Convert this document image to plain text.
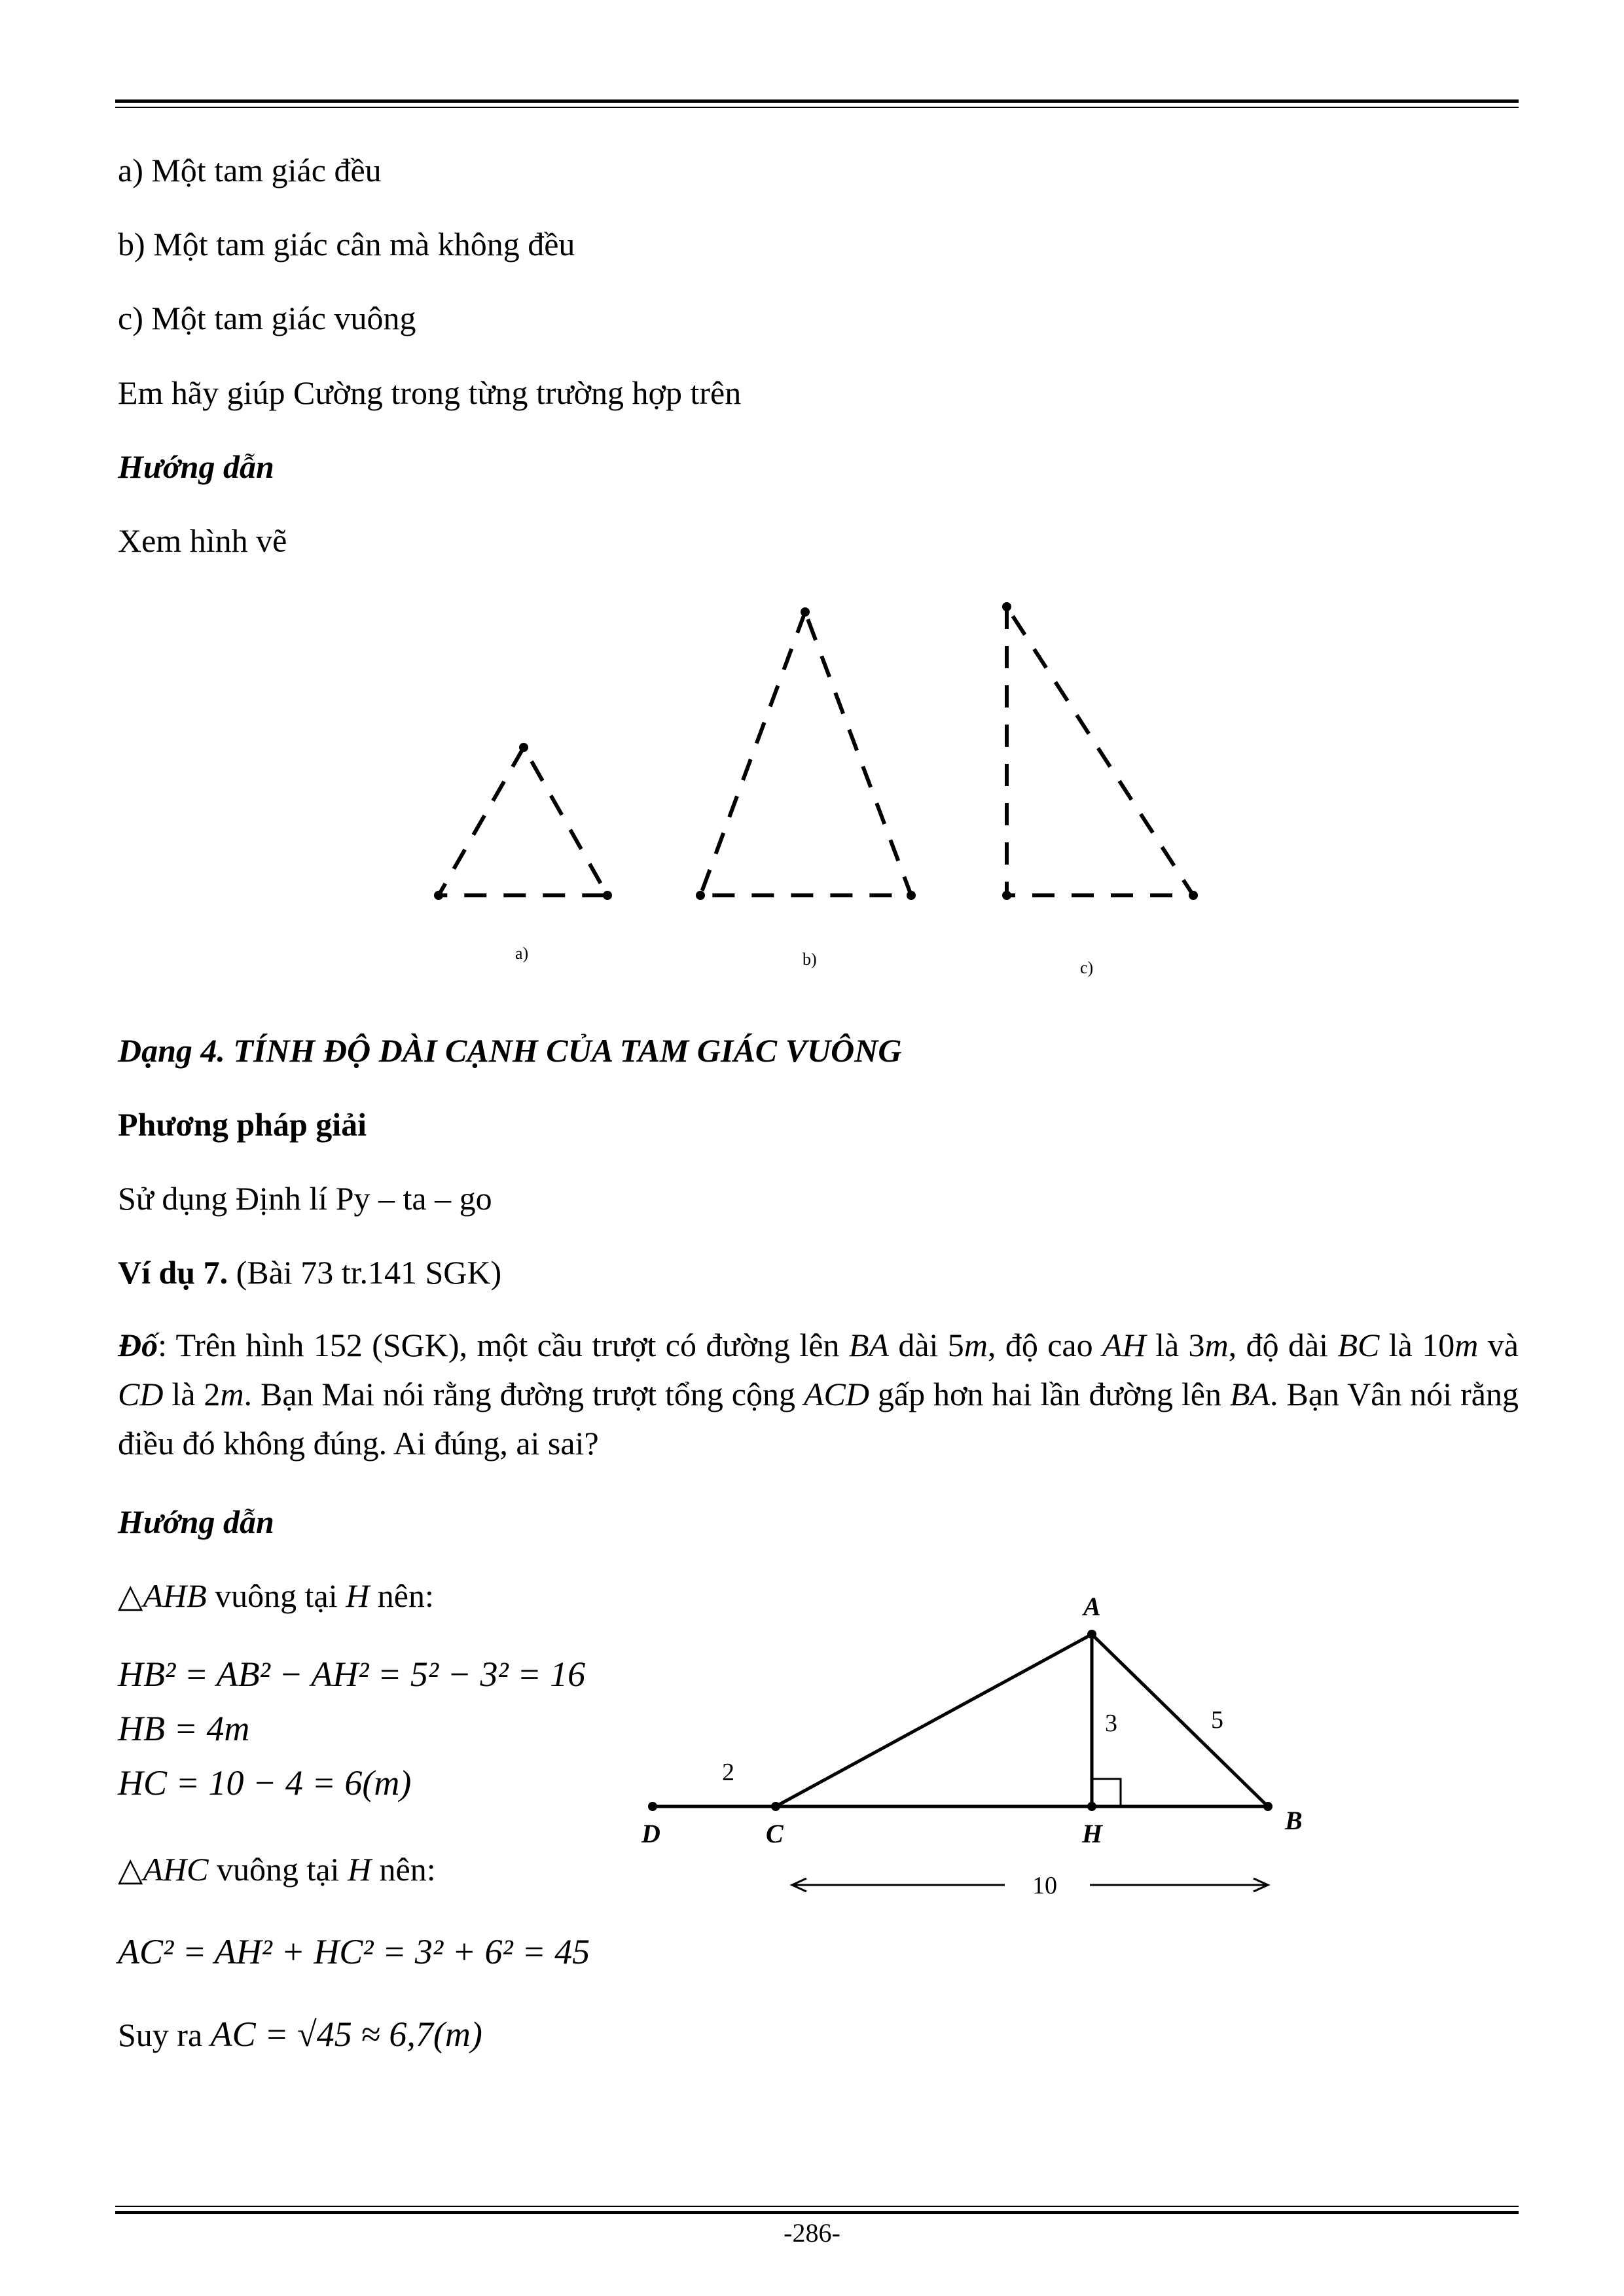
a) Một tam giác đều
b) Một tam giác cân mà không đều
c) Một tam giác vuông
Em hãy giúp Cường trong từng trường hợp trên
Hướng dẫn
Xem hình vẽ
a)	b)	c)
Dạng 4. TÍNH ĐỘ DÀI CẠNH CỦA TAM GIÁC VUÔNG
Phương pháp giải
Sử dụng Định lí Py – ta – go
Ví dụ 7. (Bài 73 tr.141 SGK)
Đố: Trên hình 152 (SGK), một cầu trượt có đường lên BA dài 5m, độ cao AH là 3m, độ dài BC là 10m và CD là 2m. Bạn Mai nói rằng đường trượt tổng cộng ACD gấp hơn hai lần đường lên BA. Bạn Vân nói rằng điều đó không đúng. Ai đúng, ai sai?
Hướng dẫn
△AHB vuông tại H nên:
HB² = AB² − AH² = 5² − 3² = 16
HB = 4m
HC = 10 − 4 = 6(m)
△AHC vuông tại H nên:
AC² = AH² + HC² = 3² + 6² = 45
Suy ra AC = √45 ≈ 6,7(m)
A
D	C	H	B
2
3	5
10
-286-
